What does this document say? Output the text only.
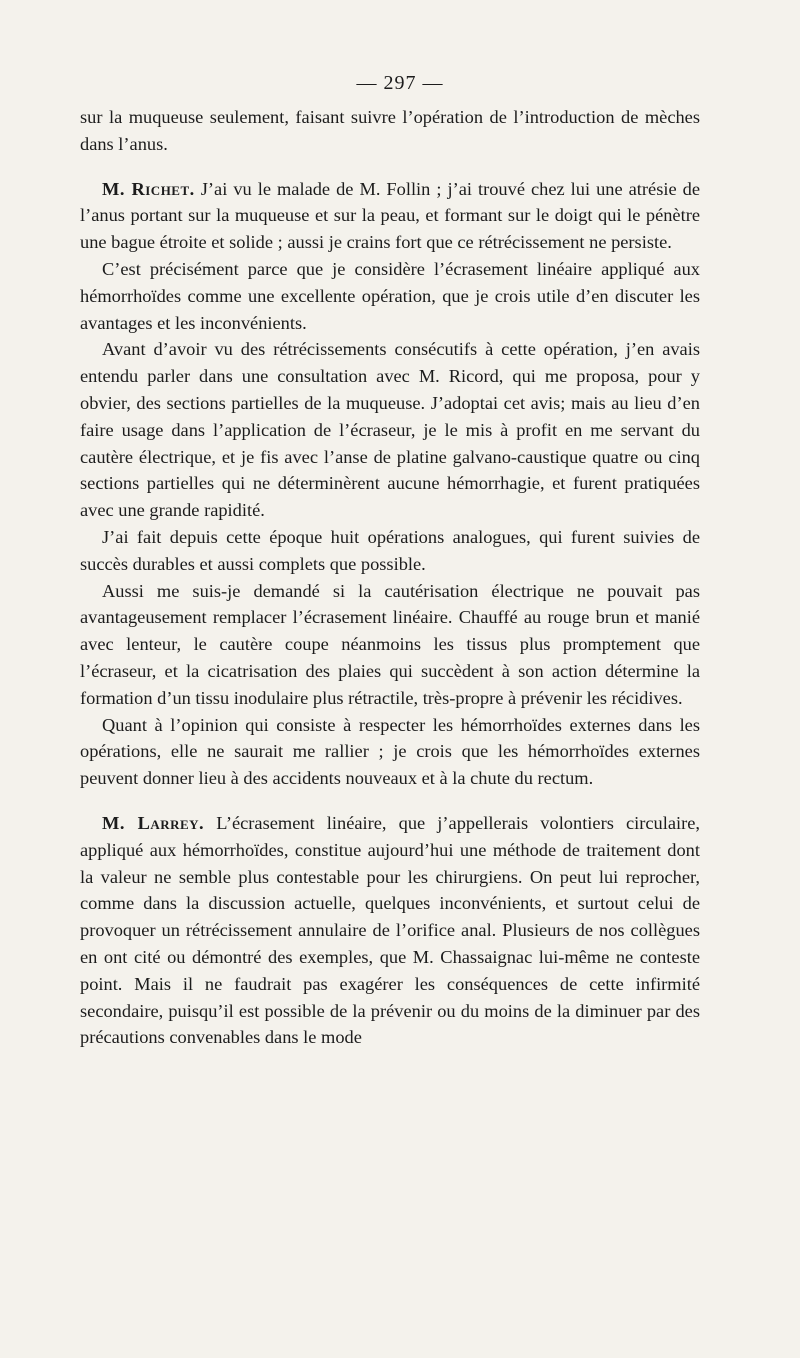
— 297 —

sur la muqueuse seulement, faisant suivre l’opération de l’introduction de mèches dans l’anus.

M. Richet. J’ai vu le malade de M. Follin ; j’ai trouvé chez lui une atrésie de l’anus portant sur la muqueuse et sur la peau, et formant sur le doigt qui le pénètre une bague étroite et solide ; aussi je crains fort que ce rétrécissement ne persiste.

C’est précisément parce que je considère l’écrasement linéaire appliqué aux hémorrhoïdes comme une excellente opération, que je crois utile d’en discuter les avantages et les inconvénients.

Avant d’avoir vu des rétrécissements consécutifs à cette opération, j’en avais entendu parler dans une consultation avec M. Ricord, qui me proposa, pour y obvier, des sections partielles de la muqueuse. J’adoptai cet avis; mais au lieu d’en faire usage dans l’application de l’écraseur, je le mis à profit en me servant du cautère électrique, et je fis avec l’anse de platine galvano-caustique quatre ou cinq sections partielles qui ne déterminèrent aucune hémorrhagie, et furent pratiquées avec une grande rapidité.

J’ai fait depuis cette époque huit opérations analogues, qui furent suivies de succès durables et aussi complets que possible.

Aussi me suis-je demandé si la cautérisation électrique ne pouvait pas avantageusement remplacer l’écrasement linéaire. Chauffé au rouge brun et manié avec lenteur, le cautère coupe néanmoins les tissus plus promptement que l’écraseur, et la cicatrisation des plaies qui succèdent à son action détermine la formation d’un tissu inodulaire plus rétractile, très-propre à prévenir les récidives.

Quant à l’opinion qui consiste à respecter les hémorrhoïdes externes dans les opérations, elle ne saurait me rallier ; je crois que les hémorrhoïdes externes peuvent donner lieu à des accidents nouveaux et à la chute du rectum.

M. Larrey. L’écrasement linéaire, que j’appellerais volontiers circulaire, appliqué aux hémorrhoïdes, constitue aujourd’hui une méthode de traitement dont la valeur ne semble plus contestable pour les chirurgiens. On peut lui reprocher, comme dans la discussion actuelle, quelques inconvénients, et surtout celui de provoquer un rétrécissement annulaire de l’orifice anal. Plusieurs de nos collègues en ont cité ou démontré des exemples, que M. Chassaignac lui-même ne conteste point. Mais il ne faudrait pas exagérer les conséquences de cette infirmité secondaire, puisqu’il est possible de la prévenir ou du moins de la diminuer par des précautions convenables dans le mode
